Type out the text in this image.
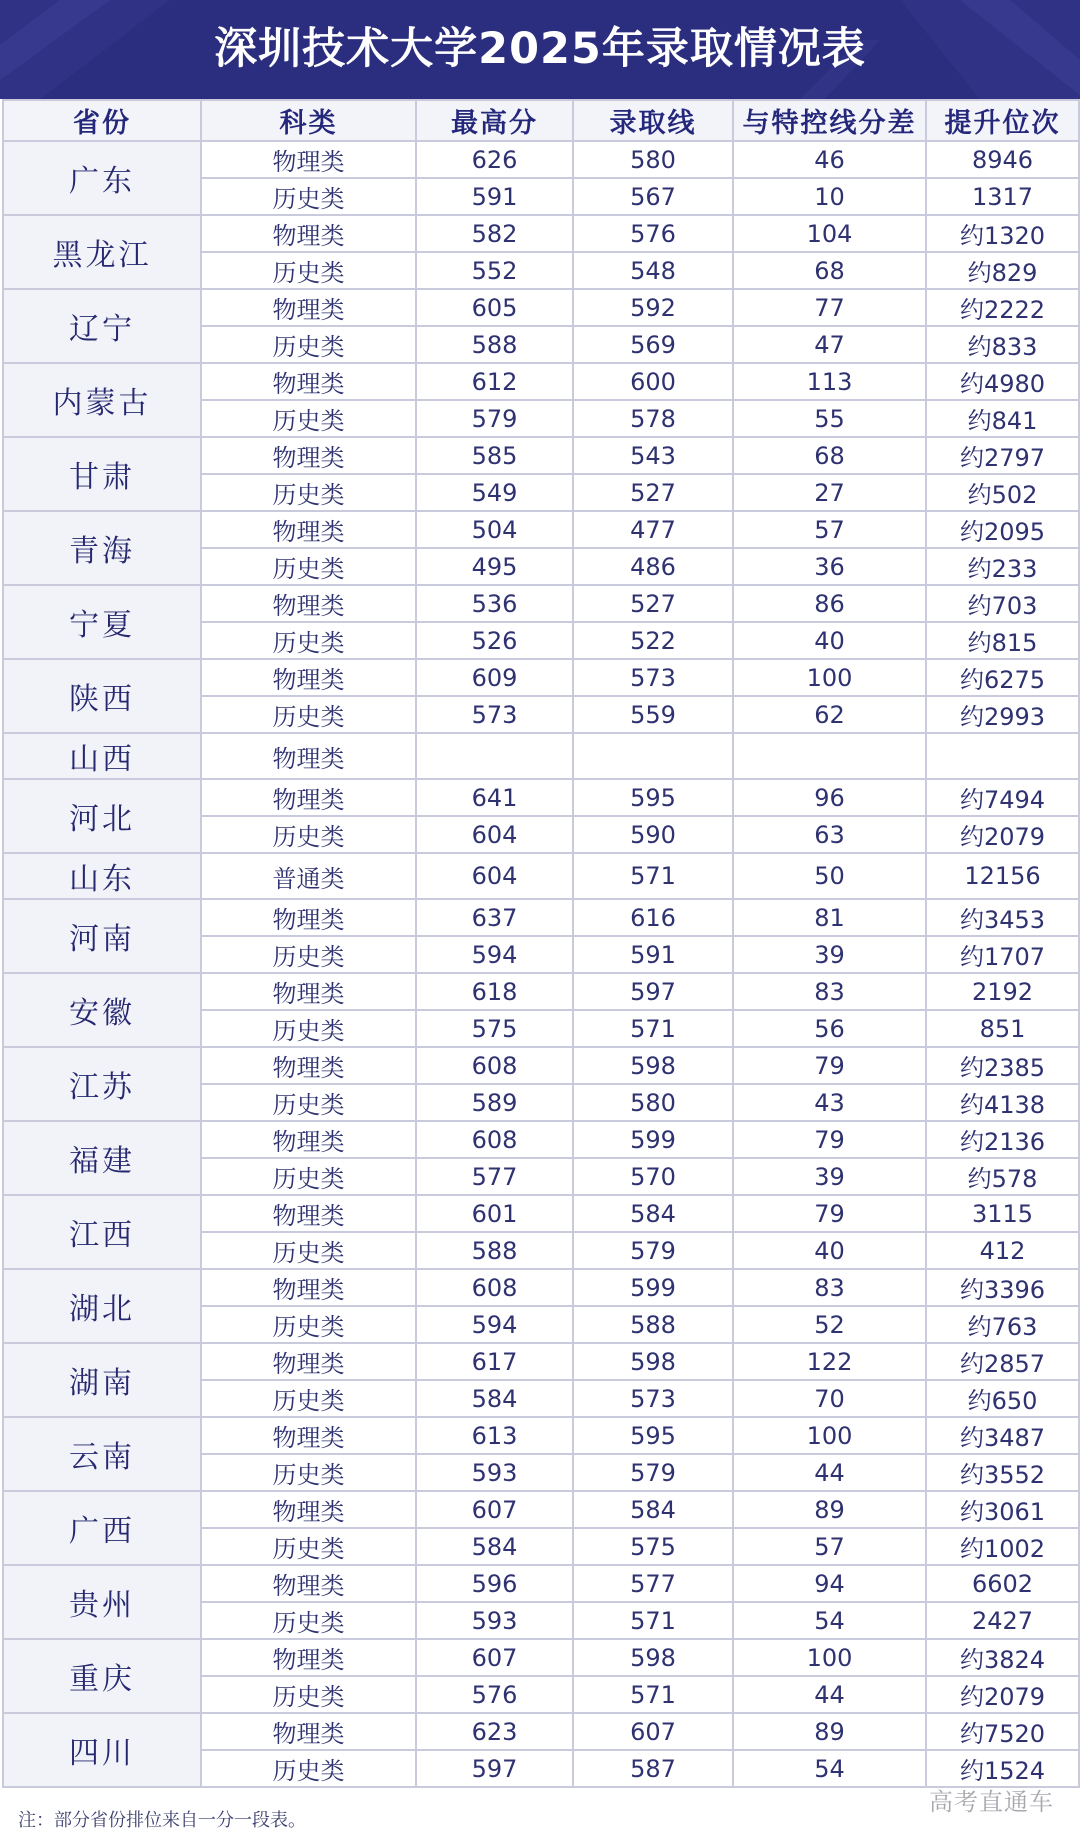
深圳技术大学2025年录取情况表
省份	科类	最高分	录取线	与特控线分差	提升位次
广东	物理类	626	580	46	8946
	历史类	591	567	10	1317
黑龙江	物理类	582	576	104	约1320
	历史类	552	548	68	约829
辽宁	物理类	605	592	77	约2222
	历史类	588	569	47	约833
内蒙古	物理类	612	600	113	约4980
	历史类	579	578	55	约841
甘肃	物理类	585	543	68	约2797
	历史类	549	527	27	约502
青海	物理类	504	477	57	约2095
	历史类	495	486	36	约233
宁夏	物理类	536	527	86	约703
	历史类	526	522	40	约815
陕西	物理类	609	573	100	约6275
	历史类	573	559	62	约2993
山西	物理类				
河北	物理类	641	595	96	约7494
	历史类	604	590	63	约2079
山东	普通类	604	571	50	12156
河南	物理类	637	616	81	约3453
	历史类	594	591	39	约1707
安徽	物理类	618	597	83	2192
	历史类	575	571	56	851
江苏	物理类	608	598	79	约2385
	历史类	589	580	43	约4138
福建	物理类	608	599	79	约2136
	历史类	577	570	39	约578
江西	物理类	601	584	79	3115
	历史类	588	579	40	412
湖北	物理类	608	599	83	约3396
	历史类	594	588	52	约763
湖南	物理类	617	598	122	约2857
	历史类	584	573	70	约650
云南	物理类	613	595	100	约3487
	历史类	593	579	44	约3552
广西	物理类	607	584	89	约3061
	历史类	584	575	57	约1002
贵州	物理类	596	577	94	6602
	历史类	593	571	54	2427
重庆	物理类	607	598	100	约3824
	历史类	576	571	44	约2079
四川	物理类	623	607	89	约7520
	历史类	597	587	54	约1524
注：部分省份排位来自一分一段表。
高考直通车
